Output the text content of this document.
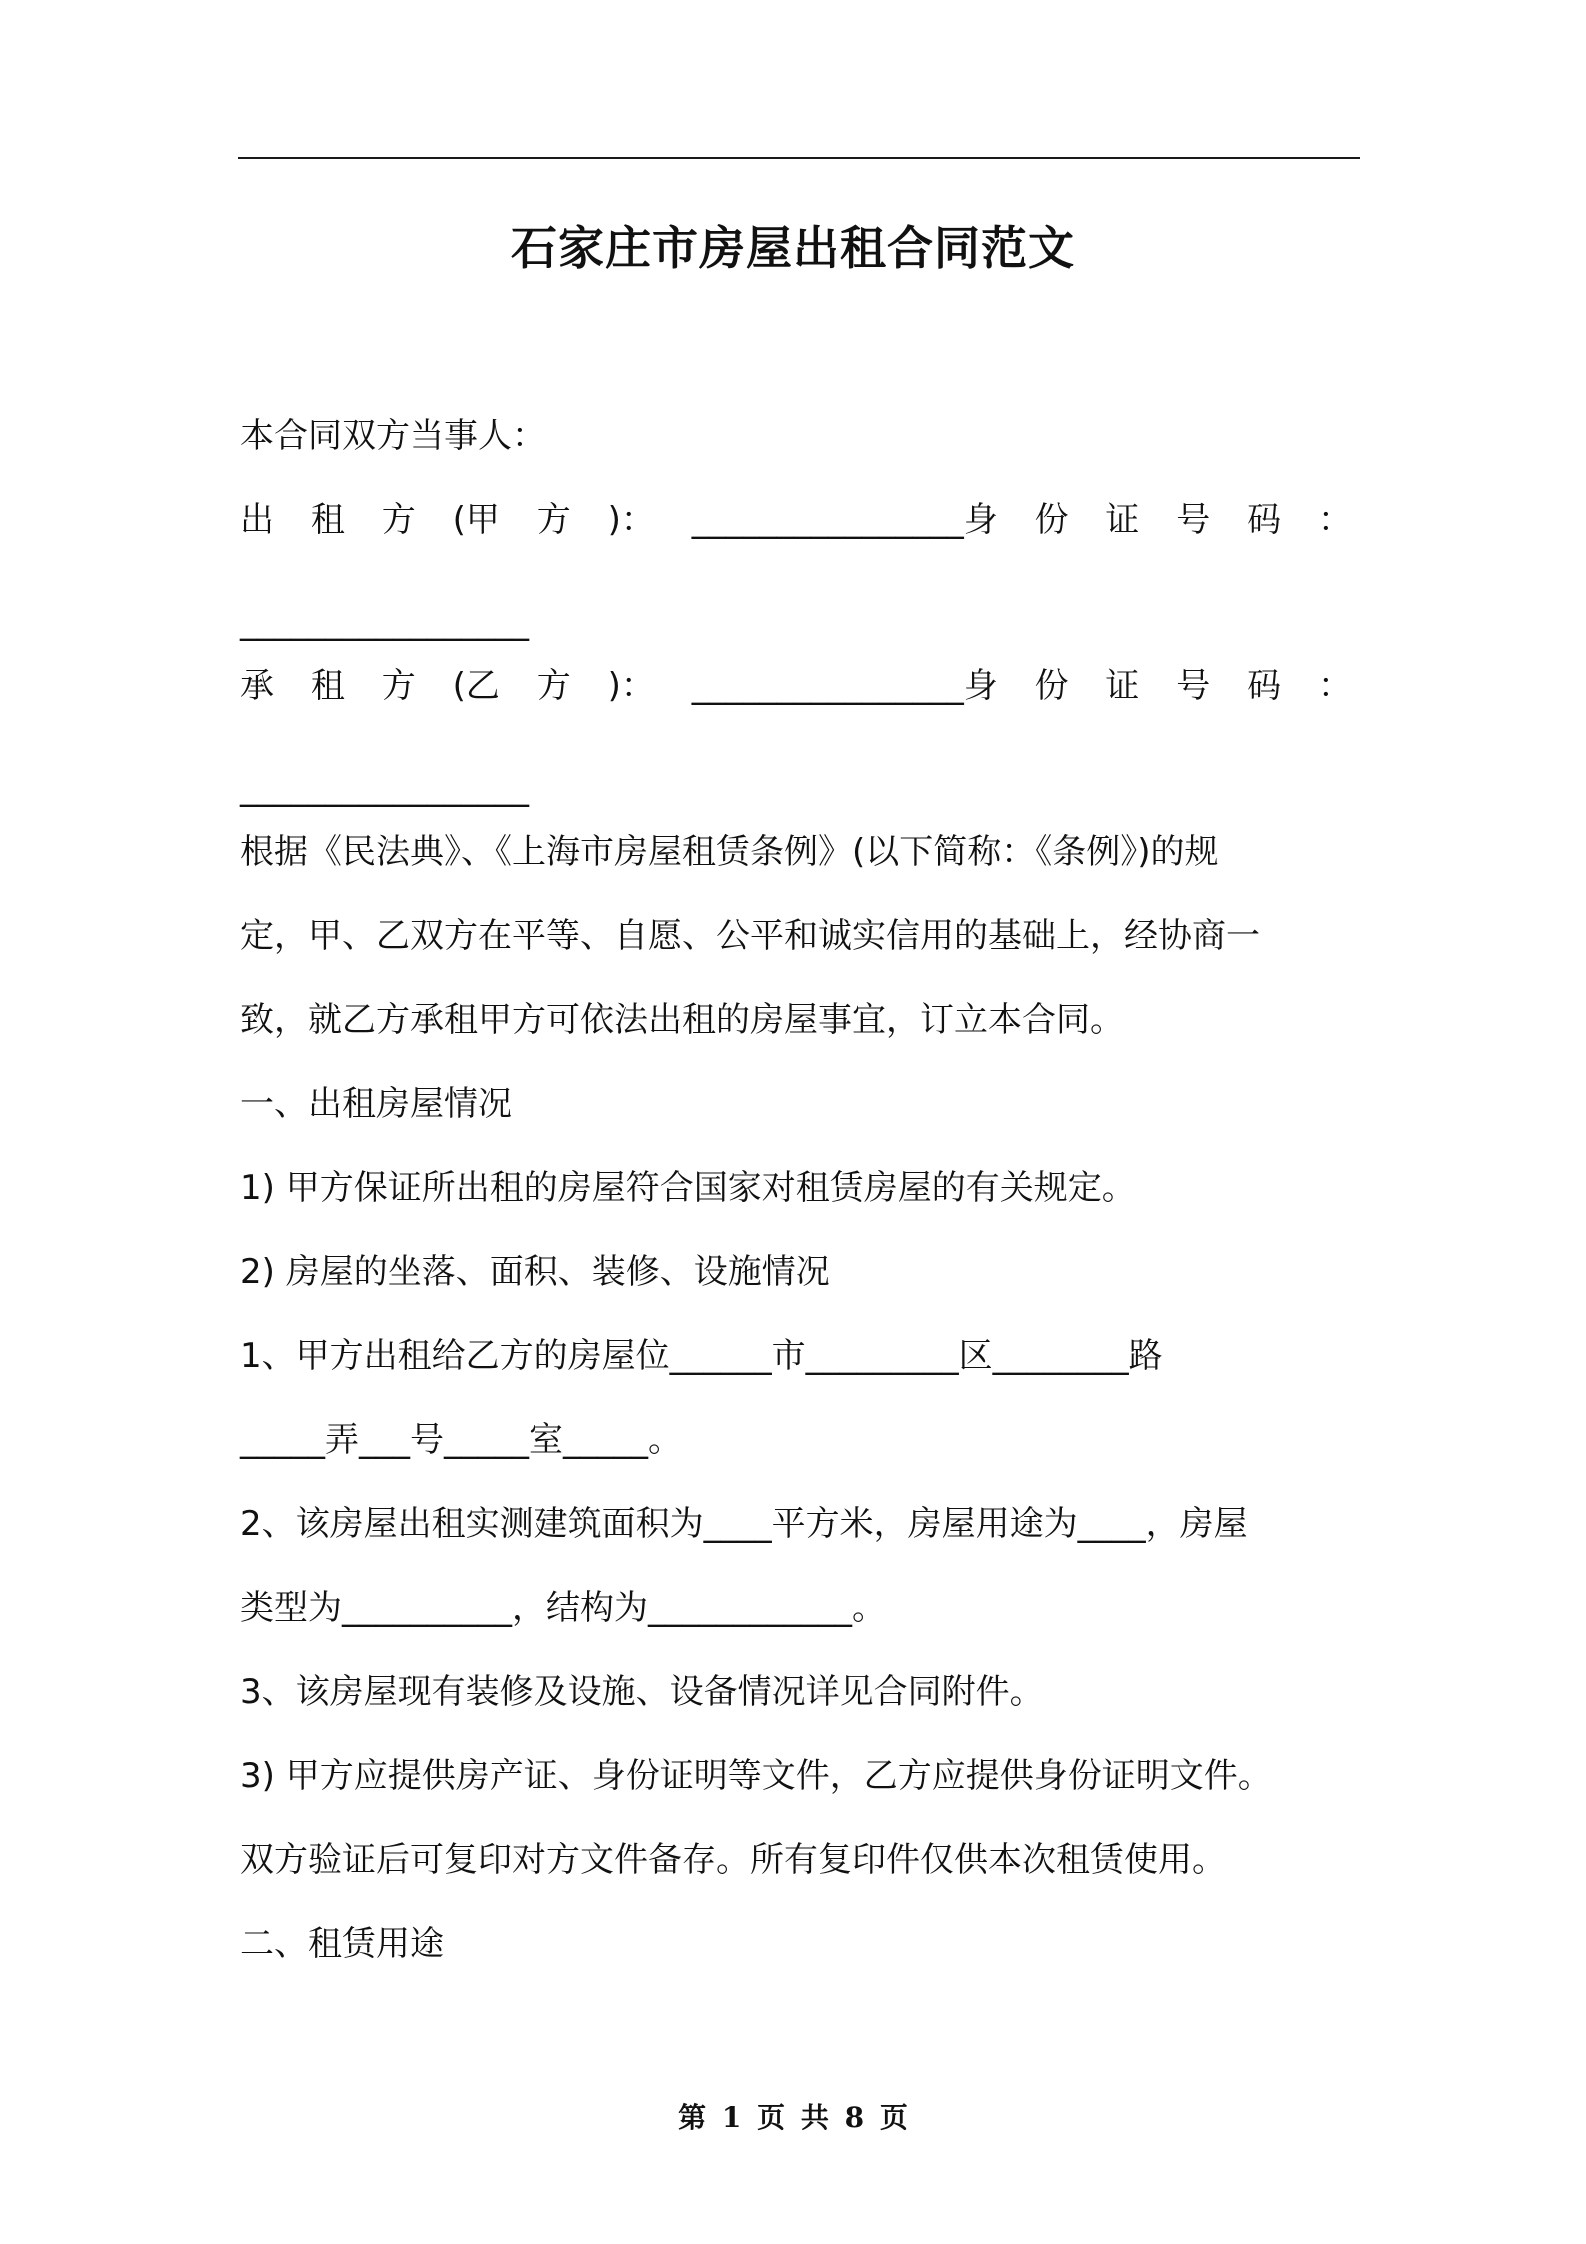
石家庄市房屋出租合同范文
本合同双方当事人：
出 租 方 (甲 方 )： ________________身 份 证 号 码 ：
_________________
承 租 方 (乙 方 )： ________________身 份 证 号 码 ：
_________________
根据《民法典》、《上海市房屋租赁条例》(以下简称：《条例》)的规
定，甲、乙双方在平等、自愿、公平和诚实信用的基础上，经协商一
致，就乙方承租甲方可依法出租的房屋事宜，订立本合同。
一、出租房屋情况
1) 甲方保证所出租的房屋符合国家对租赁房屋的有关规定。
2) 房屋的坐落、面积、装修、设施情况
1、甲方出租给乙方的房屋位______市_________区________路
_____弄___号_____室_____。
2、该房屋出租实测建筑面积为____平方米，房屋用途为____，房屋
类型为__________，结构为____________。
3、该房屋现有装修及设施、设备情况详见合同附件。
3) 甲方应提供房产证、身份证明等文件，乙方应提供身份证明文件。
双方验证后可复印对方文件备存。所有复印件仅供本次租赁使用。
二、租赁用途
第 1 页 共 8 页
